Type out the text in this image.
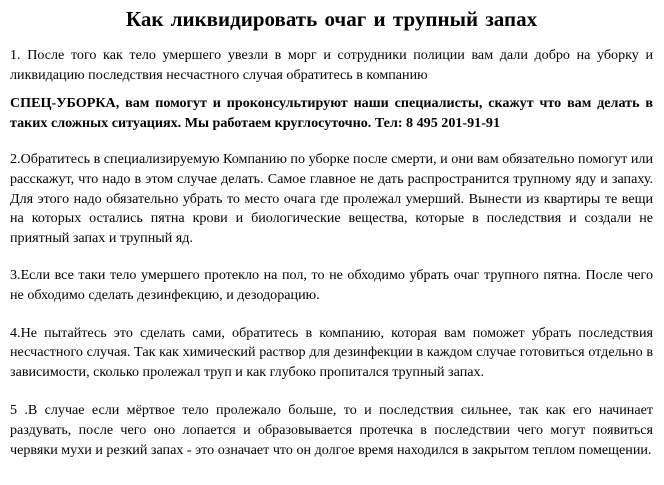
Как ликвидировать очаг и трупный запах

1. После того как тело умершего увезли в морг и сотрудники полиции вам дали добро на уборку и ликвидацию последствия несчастного случая обратитесь в компанию

СПЕЦ-УБОРКА, вам помогут и проконсультируют наши специалисты, скажут что вам делать в таких сложных ситуациях. Мы работаем круглосуточно. Тел: 8 495 201-91-91

2.Обратитесь в специализируемую Компанию по уборке после смерти, и они вам обязательно помогут или расскажут, что надо в этом случае делать. Самое главное не дать распространится трупному яду и запаху. Для этого надо обязательно убрать то место очага где пролежал умерший. Вынести из квартиры те вещи на которых остались пятна крови и биологические вещества, которые в последствия и создали не приятный запах и трупный яд.

3.Если все таки тело умершего протекло на пол, то не обходимо убрать очаг трупного пятна. После чего не обходимо сделать дезинфекцию, и дезодорацию.

4.Не пытайтесь это сделать сами, обратитесь в компанию, которая вам поможет убрать последствия несчастного случая. Так как химический раствор для дезинфекции в каждом случае готовиться отдельно в зависимости, сколько пролежал труп и как глубоко пропитался трупный запах.

5 .В случае если мёртвое тело пролежало больше, то и последствия сильнее, так как его начинает раздувать, после чего оно лопается и образовывается протечка в последствии чего могут появиться червяки мухи и резкий запах - это означает что он долгое время находился в закрытом теплом помещении.
